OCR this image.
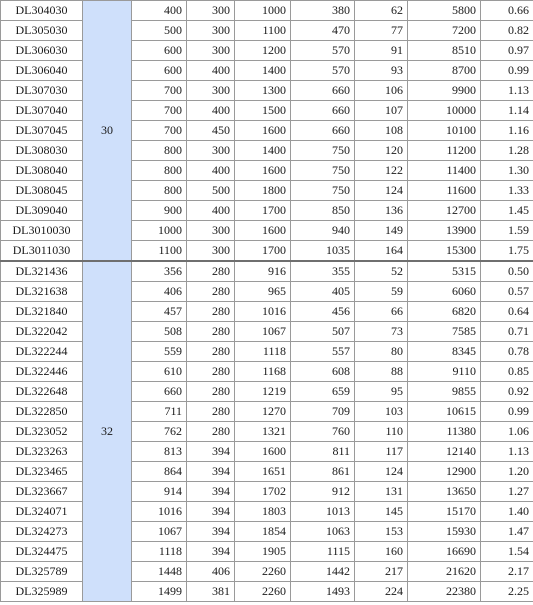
DL304030	30	400	300	1000	380	62	5800	0.66
DL305030		500	300	1100	470	77	7200	0.82
DL306030		600	300	1200	570	91	8510	0.97
DL306040		600	400	1400	570	93	8700	0.99
DL307030		700	300	1300	660	106	9900	1.13
DL307040		700	400	1500	660	107	10000	1.14
DL307045		700	450	1600	660	108	10100	1.16
DL308030		800	300	1400	750	120	11200	1.28
DL308040		800	400	1600	750	122	11400	1.30
DL308045		800	500	1800	750	124	11600	1.33
DL309040		900	400	1700	850	136	12700	1.45
DL3010030		1000	300	1600	940	149	13900	1.59
DL3011030		1100	300	1700	1035	164	15300	1.75
DL321436	32	356	280	916	355	52	5315	0.50
DL321638		406	280	965	405	59	6060	0.57
DL321840		457	280	1016	456	66	6820	0.64
DL322042		508	280	1067	507	73	7585	0.71
DL322244		559	280	1118	557	80	8345	0.78
DL322446		610	280	1168	608	88	9110	0.85
DL322648		660	280	1219	659	95	9855	0.92
DL322850		711	280	1270	709	103	10615	0.99
DL323052		762	280	1321	760	110	11380	1.06
DL323263		813	394	1600	811	117	12140	1.13
DL323465		864	394	1651	861	124	12900	1.20
DL323667		914	394	1702	912	131	13650	1.27
DL324071		1016	394	1803	1013	145	15170	1.40
DL324273		1067	394	1854	1063	153	15930	1.47
DL324475		1118	394	1905	1115	160	16690	1.54
DL325789		1448	406	2260	1442	217	21620	2.17
DL325989		1499	381	2260	1493	224	22380	2.25
